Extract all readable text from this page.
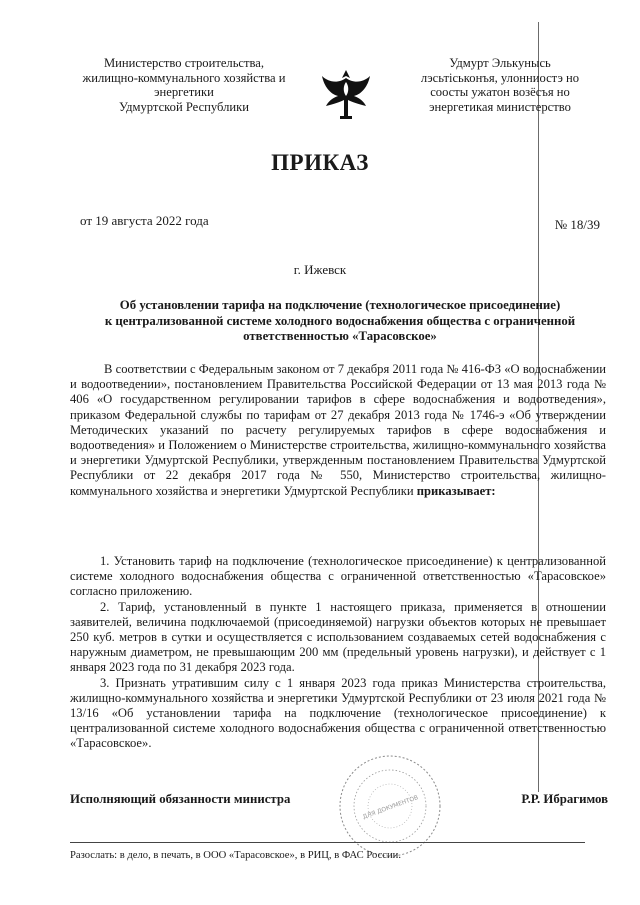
Министерство строительства,
жилищно-коммунального хозяйства и
энергетики
Удмуртской Республики
Удмурт Элькунысь
лэсьтiськонъя, улонниостэ но
соосты ужатон возёсъя но
энергетикая министерство
ПРИКАЗ
от 19 августа 2022 года	№ 18/39
г. Ижевск
Об установлении тарифа на подключение (технологическое присоединение)
к централизованной системе холодного водоснабжения общества с ограниченной
ответственностью «Тарасовское»

В соответствии с Федеральным законом от 7 декабря 2011 года № 416-ФЗ «О водоснабжении и водоотведении», постановлением Правительства Российской Федерации от 13 мая 2013 года № 406 «О государственном регулировании тарифов в сфере водоснабжения и водоотведения», приказом Федеральной службы по тарифам от 27 декабря 2013 года № 1746-э «Об утверждении Методических указаний по расчету регулируемых тарифов в сфере водоснабжения и водоотведения» и Положением о Министерстве строительства, жилищно-коммунального хозяйства и энергетики Удмуртской Республики, утвержденным постановлением Правительства Удмуртской Республики от 22 декабря 2017 года № 550, Министерство строительства, жилищно-коммунального хозяйства и энергетики Удмуртской Республики приказывает:

1. Установить тариф на подключение (технологическое присоединение) к централизованной системе холодного водоснабжения общества с ограниченной ответственностью «Тарасовское» согласно приложению.

2. Тариф, установленный в пункте 1 настоящего приказа, применяется в отношении заявителей, величина подключаемой (присоединяемой) нагрузки объектов которых не превышает 250 куб. метров в сутки и осуществляется с использованием создаваемых сетей водоснабжения с наружным диаметром, не превышающим 200 мм (предельный уровень нагрузки), и действует с 1 января 2023 года по 31 декабря 2023 года.

3. Признать утратившим силу с 1 января 2023 года приказ Министерства строительства, жилищно-коммунального хозяйства и энергетики Удмуртской Республики от 23 июля 2021 года № 13/16 «Об установлении тарифа на подключение (технологическое присоединение) к централизованной системе холодного водоснабжения общества с ограниченной ответственностью «Тарасовское».

Исполняющий обязанности министра	ДЛЯ ДОКУМЕНТОВ	Р.Р. Ибрагимов
Разослать: в дело, в печать, в ООО «Тарасовское», в РИЦ, в ФАС России.
